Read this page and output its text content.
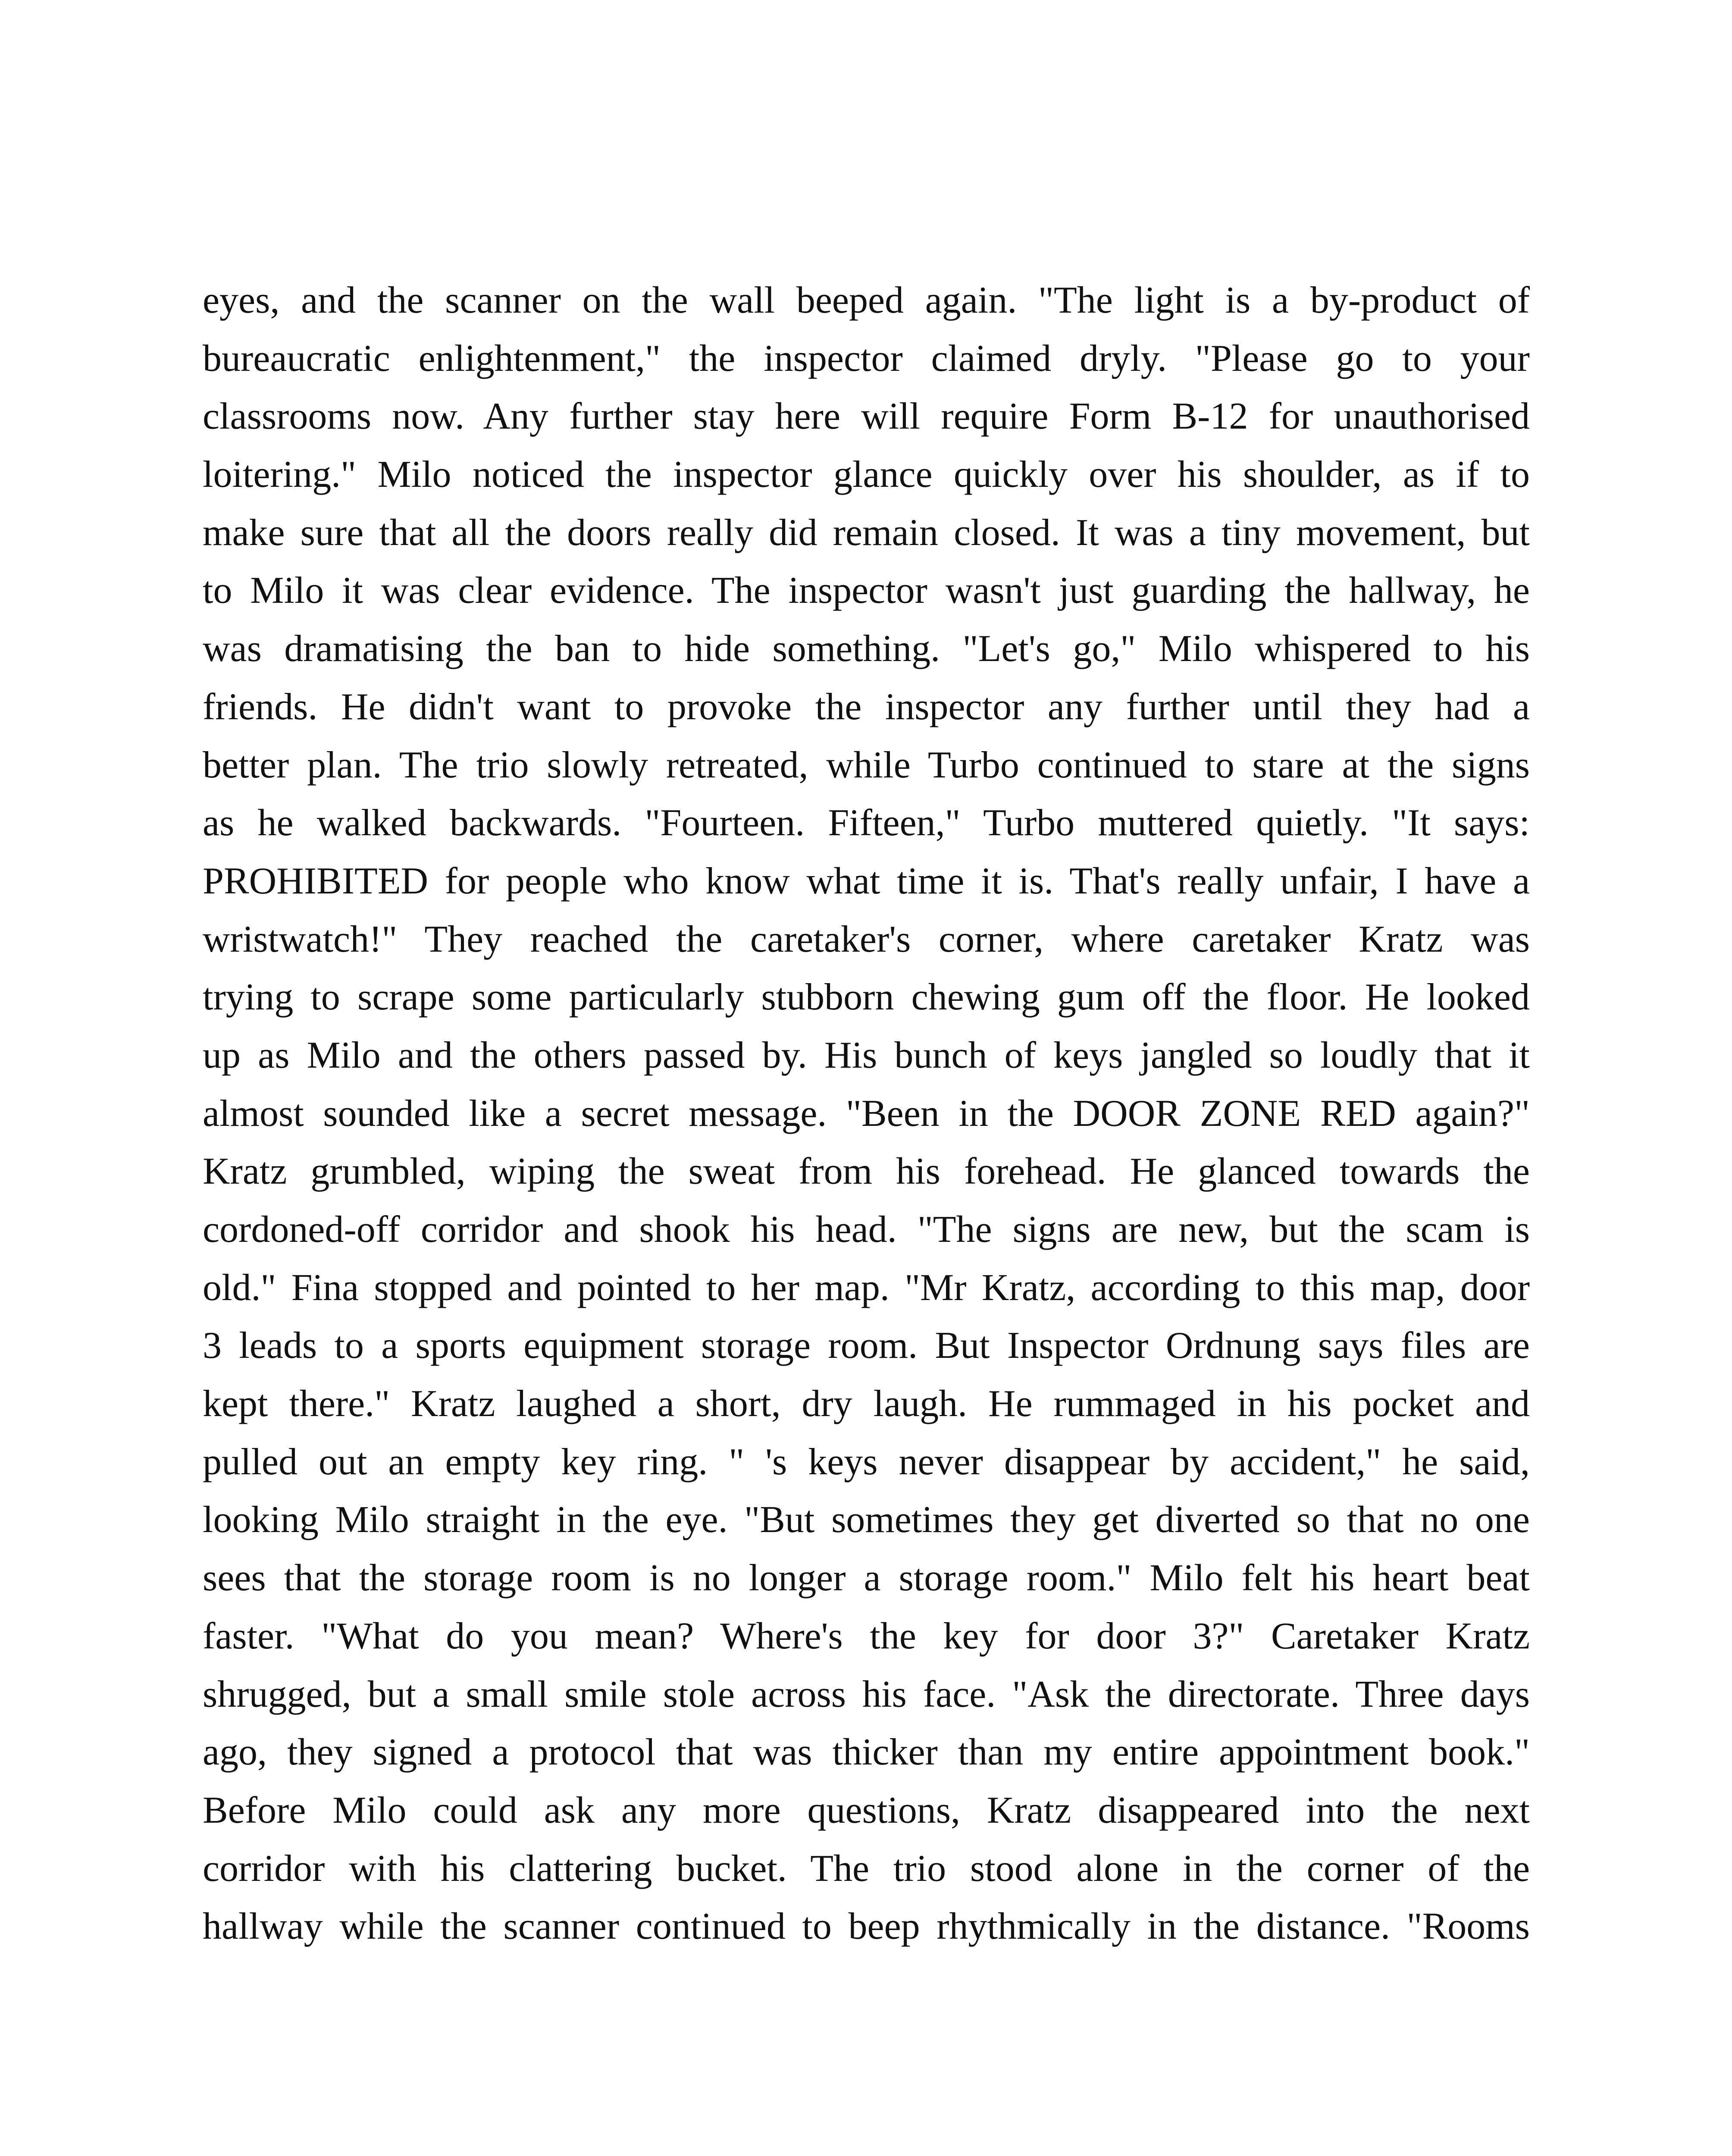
eyes, and the scanner on the wall beeped again. "The light is a by-product of
bureaucratic enlightenment," the inspector claimed dryly. "Please go to your
classrooms now. Any further stay here will require Form B-12 for unauthorised
loitering." Milo noticed the inspector glance quickly over his shoulder, as if to
make sure that all the doors really did remain closed. It was a tiny movement, but
to Milo it was clear evidence. The inspector wasn't just guarding the hallway, he
was dramatising the ban to hide something. "Let's go," Milo whispered to his
friends. He didn't want to provoke the inspector any further until they had a
better plan. The trio slowly retreated, while Turbo continued to stare at the signs
as he walked backwards. "Fourteen. Fifteen," Turbo muttered quietly. "It says:
PROHIBITED for people who know what time it is. That's really unfair, I have a
wristwatch!" They reached the caretaker's corner, where caretaker Kratz was
trying to scrape some particularly stubborn chewing gum off the floor. He looked
up as Milo and the others passed by. His bunch of keys jangled so loudly that it
almost sounded like a secret message. "Been in the DOOR ZONE RED again?"
Kratz grumbled, wiping the sweat from his forehead. He glanced towards the
cordoned-off corridor and shook his head. "The signs are new, but the scam is
old." Fina stopped and pointed to her map. "Mr Kratz, according to this map, door
3 leads to a sports equipment storage room. But Inspector Ordnung says files are
kept there." Kratz laughed a short, dry laugh. He rummaged in his pocket and
pulled out an empty key ring. " 's keys never disappear by accident," he said,
looking Milo straight in the eye. "But sometimes they get diverted so that no one
sees that the storage room is no longer a storage room." Milo felt his heart beat
faster. "What do you mean? Where's the key for door 3?" Caretaker Kratz
shrugged, but a small smile stole across his face. "Ask the directorate. Three days
ago, they signed a protocol that was thicker than my entire appointment book."
Before Milo could ask any more questions, Kratz disappeared into the next
corridor with his clattering bucket. The trio stood alone in the corner of the
hallway while the scanner continued to beep rhythmically in the distance. "Rooms
